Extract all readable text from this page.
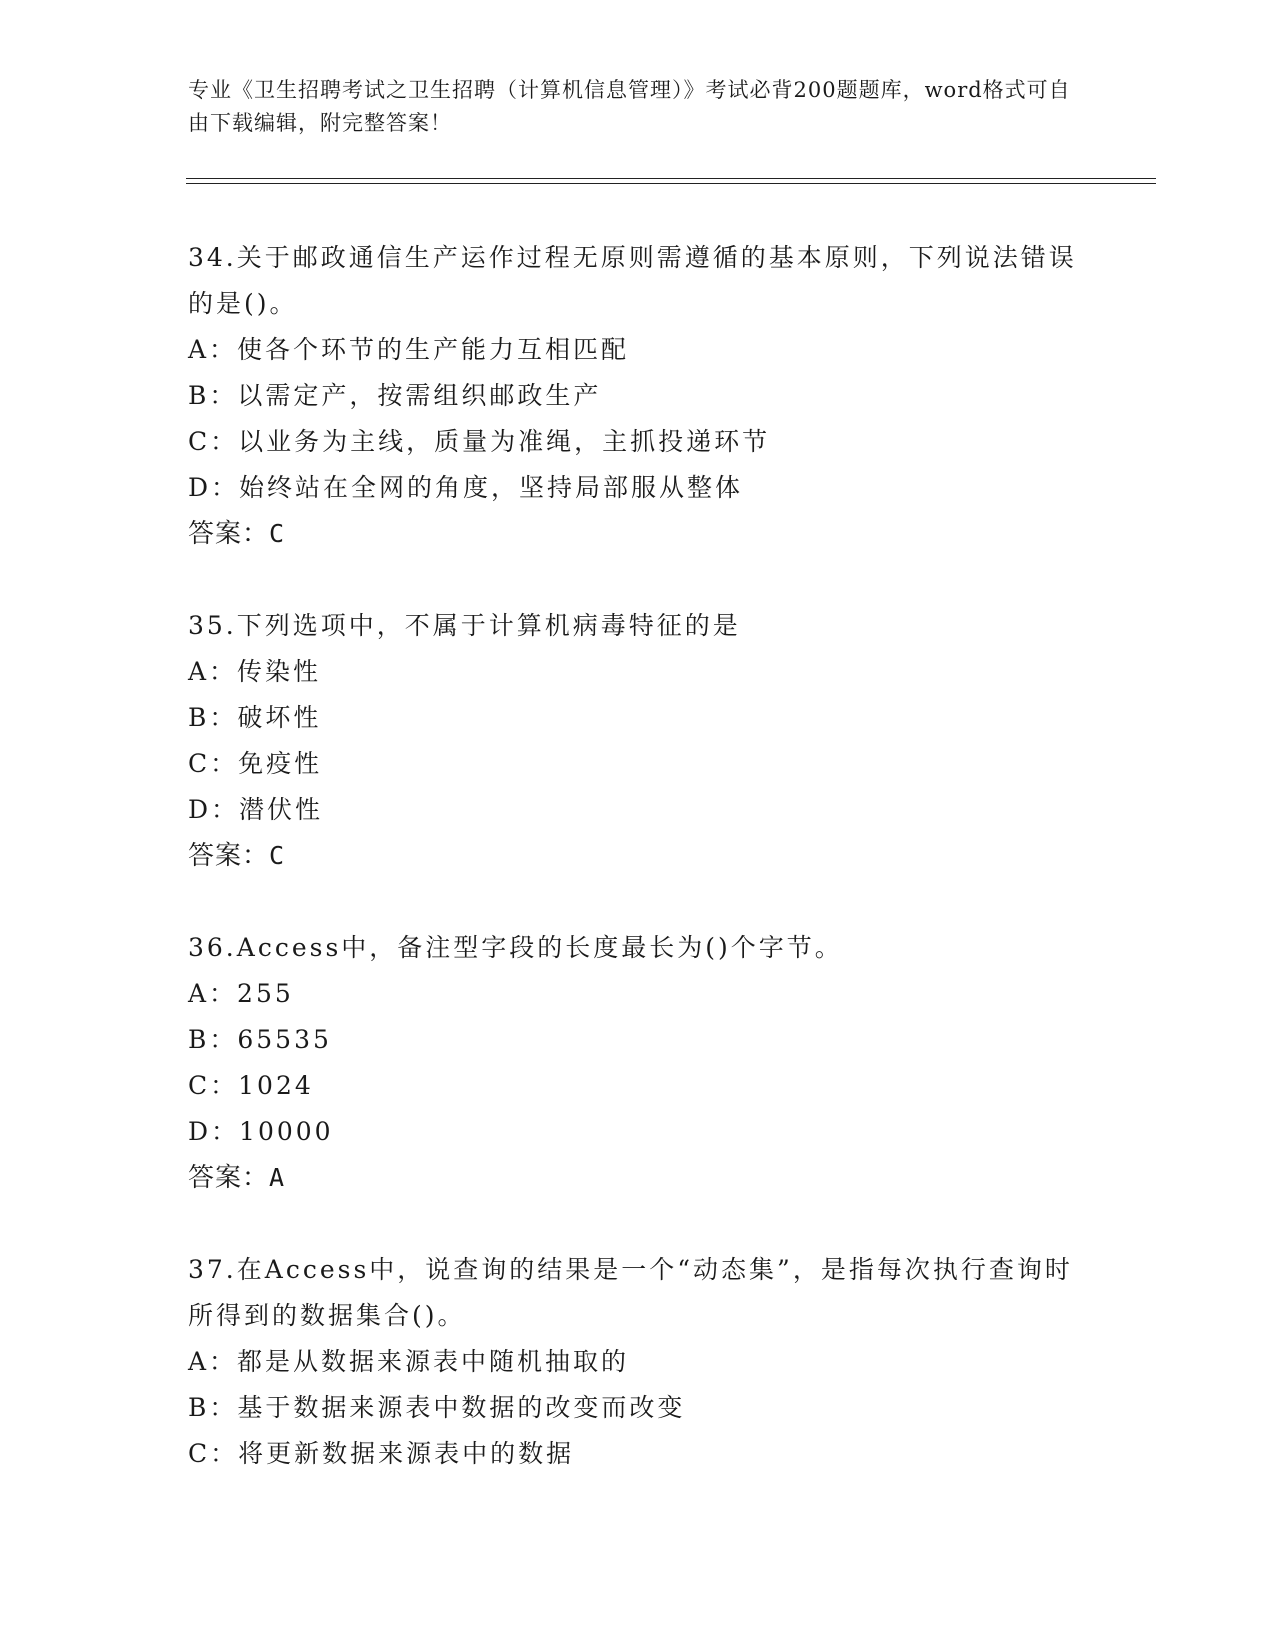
专业《卫生招聘考试之卫生招聘（计算机信息管理）》考试必背200题题库，word格式可自由下载编辑，附完整答案！

34.关于邮政通信生产运作过程无原则需遵循的基本原则，下列说法错误的是()。

A：使各个环节的生产能力互相匹配

B：以需定产，按需组织邮政生产

C：以业务为主线，质量为准绳，主抓投递环节

D：始终站在全网的角度，坚持局部服从整体

答案：C

35.下列选项中，不属于计算机病毒特征的是

A：传染性

B：破坏性

C：免疫性

D：潜伏性

答案：C

36.Access中，备注型字段的长度最长为()个字节。

A：255

B：65535

C：1024

D：10000

答案：A

37.在Access中，说查询的结果是一个“动态集”，是指每次执行查询时所得到的数据集合()。

A：都是从数据来源表中随机抽取的

B：基于数据来源表中数据的改变而改变

C：将更新数据来源表中的数据
